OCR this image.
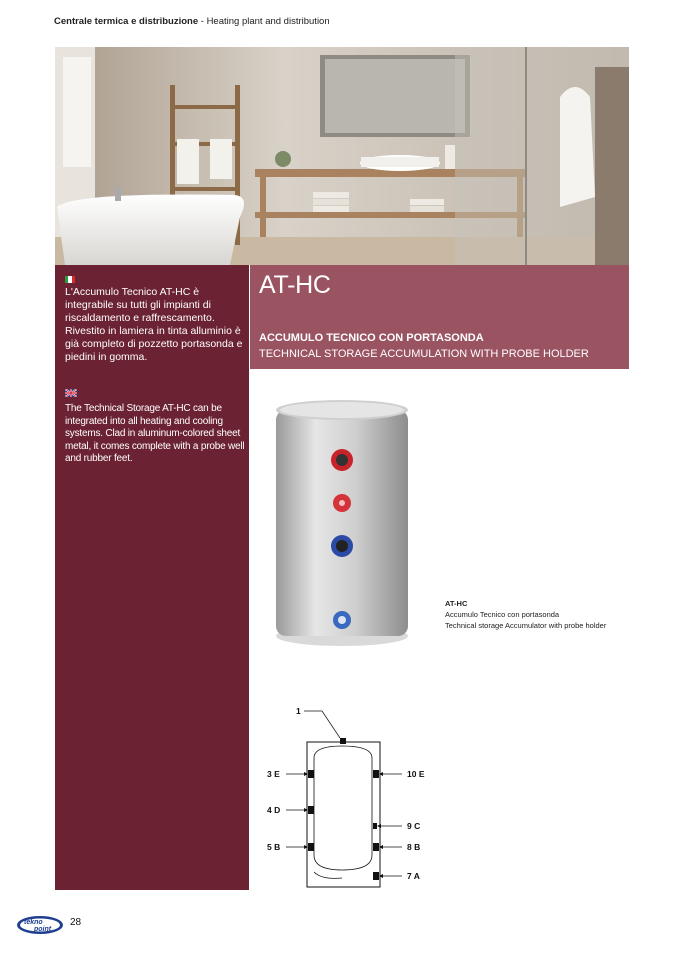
Centrale termica e distribuzione - Heating plant and distribution
L'Accumulo Tecnico AT-HC è integrabile su tutti gli impianti di riscaldamento e raffrescamento. Rivestito in lamiera in tinta alluminio è già completo di pozzetto portasonda e piedini in gomma.
The Technical Storage AT-HC can be integrated into all heating and cooling systems. Clad in aluminum-colored sheet metal, it comes complete with a probe well and rubber feet.
AT-HC
ACCUMULO TECNICO CON PORTASONDA
TECHNICAL STORAGE ACCUMULATION WITH PROBE HOLDER
AT-HC
Accumulo Tecnico con portasonda
Technical storage Accumulator with probe holder
1
3 E
4 D
5 B
10 E
9 C
8 B
7 A
tekno
point
28
